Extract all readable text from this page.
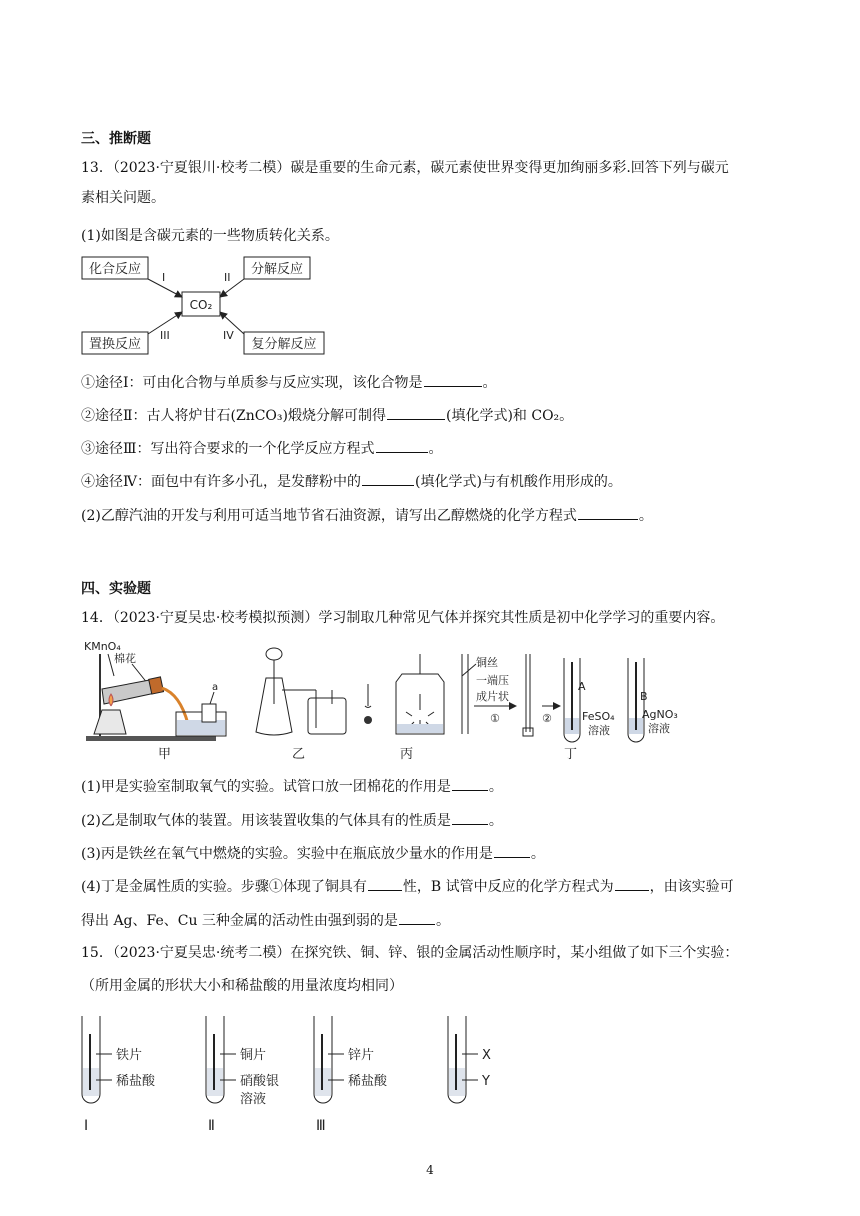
三、推断题
13．（2023·宁夏银川·校考二模）碳是重要的生命元素，碳元素使世界变得更加绚丽多彩.回答下列与碳元
素相关问题。
(1)如图是含碳元素的一些物质转化关系。
化合反应	分解反应
CO₂
置换反应	复分解反应
I	II
III	IV
①途径Ⅰ：可由化合物与单质参与反应实现，该化合物是	。
②途径Ⅱ：古人将炉甘石(ZnCO₃)煅烧分解可制得	(填化学式)和 CO₂。
③途径Ⅲ：写出符合要求的一个化学反应方程式	。
④途径Ⅳ：面包中有许多小孔，是发酵粉中的	(填化学式)与有机酸作用形成的。
(2)乙醇汽油的开发与利用可适当地节省石油资源，请写出乙醇燃烧的化学方程式	。
四、实验题
14．（2023·宁夏吴忠·校考模拟预测）学习制取几种常见气体并探究其性质是初中化学学习的重要内容。
KMnO₄
棉花
a
甲	乙	丙
铜丝
一端压
成片状
①	②
A
FeSO₄
溶液
B
AgNO₃
溶液
丁
(1)甲是实验室制取氧气的实验。试管口放一团棉花的作用是	。
(2)乙是制取气体的装置。用该装置收集的气体具有的性质是	。
(3)丙是铁丝在氧气中燃烧的实验。实验中在瓶底放少量水的作用是	。
(4)丁是金属性质的实验。步骤①体现了铜具有	性，B 试管中反应的化学方程式为	，由该实验可
得出 Ag、Fe、Cu 三种金属的活动性由强到弱的是	。
15．（2023·宁夏吴忠·统考二模）在探究铁、铜、锌、银的金属活动性顺序时，某小组做了如下三个实验：
（所用金属的形状大小和稀盐酸的用量浓度均相同）
铁片
稀盐酸
Ⅰ
铜片
硝酸银
溶液
Ⅱ
锌片
稀盐酸
Ⅲ
X
Y
4
